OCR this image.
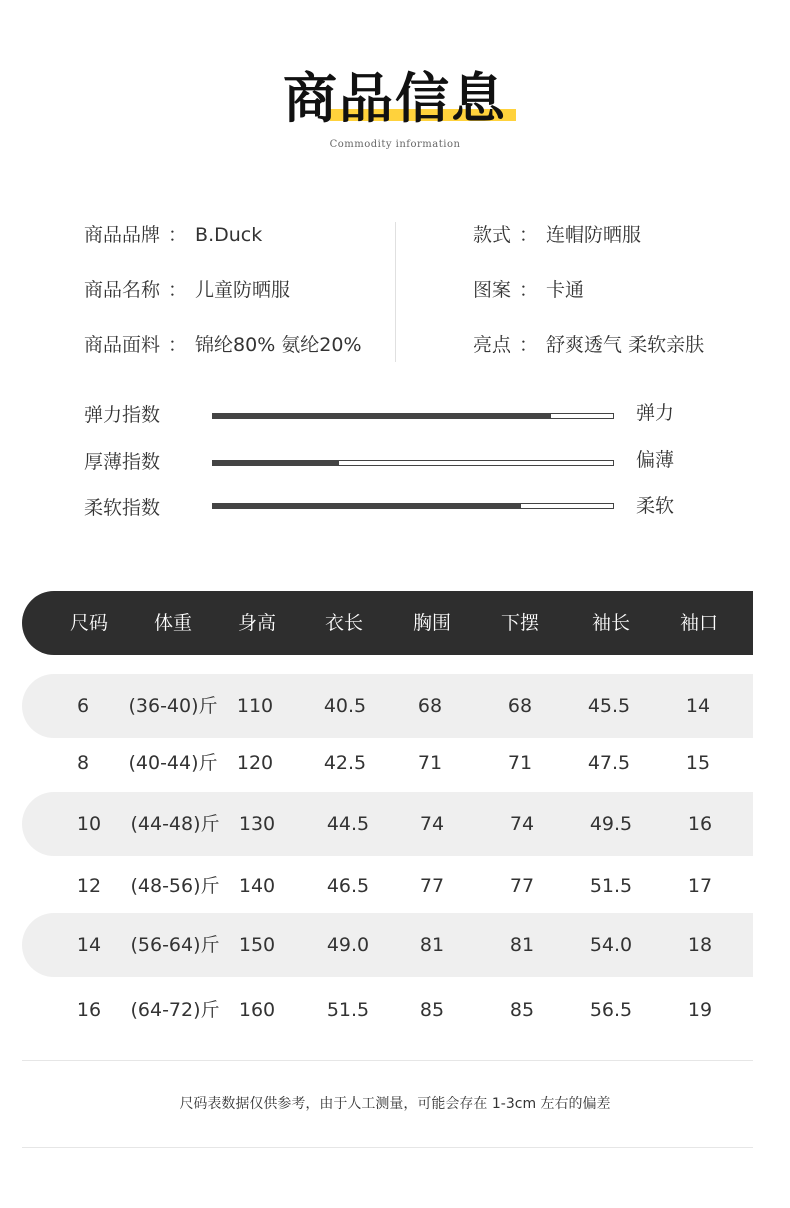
商品信息
Commodity information
商品品牌 ： B.Duck
商品名称 ： 儿童防晒服
商品面料 ： 锦纶80% 氨纶20%
款式 ： 连帽防晒服
图案 ： 卡通
亮点 ： 舒爽透气 柔软亲肤
弹力指数	弹力
厚薄指数	偏薄
柔软指数	柔软
尺码 体重 身高	衣长	胸围	下摆	袖长	袖口
6 (36-40)斤 110	40.5	68	68	45.5	14
8 (40-44)斤 120	42.5	71	71	47.5	15
10 (44-48)斤 130	44.5	74	74	49.5	16
12 (48-56)斤 140	46.5	77	77	51.5	17
14 (56-64)斤 150	49.0	81	81	54.0	18
16 (64-72)斤 160	51.5	85	85	56.5	19
尺码表数据仅供参考，由于人工测量，可能会存在 1-3cm 左右的偏差
